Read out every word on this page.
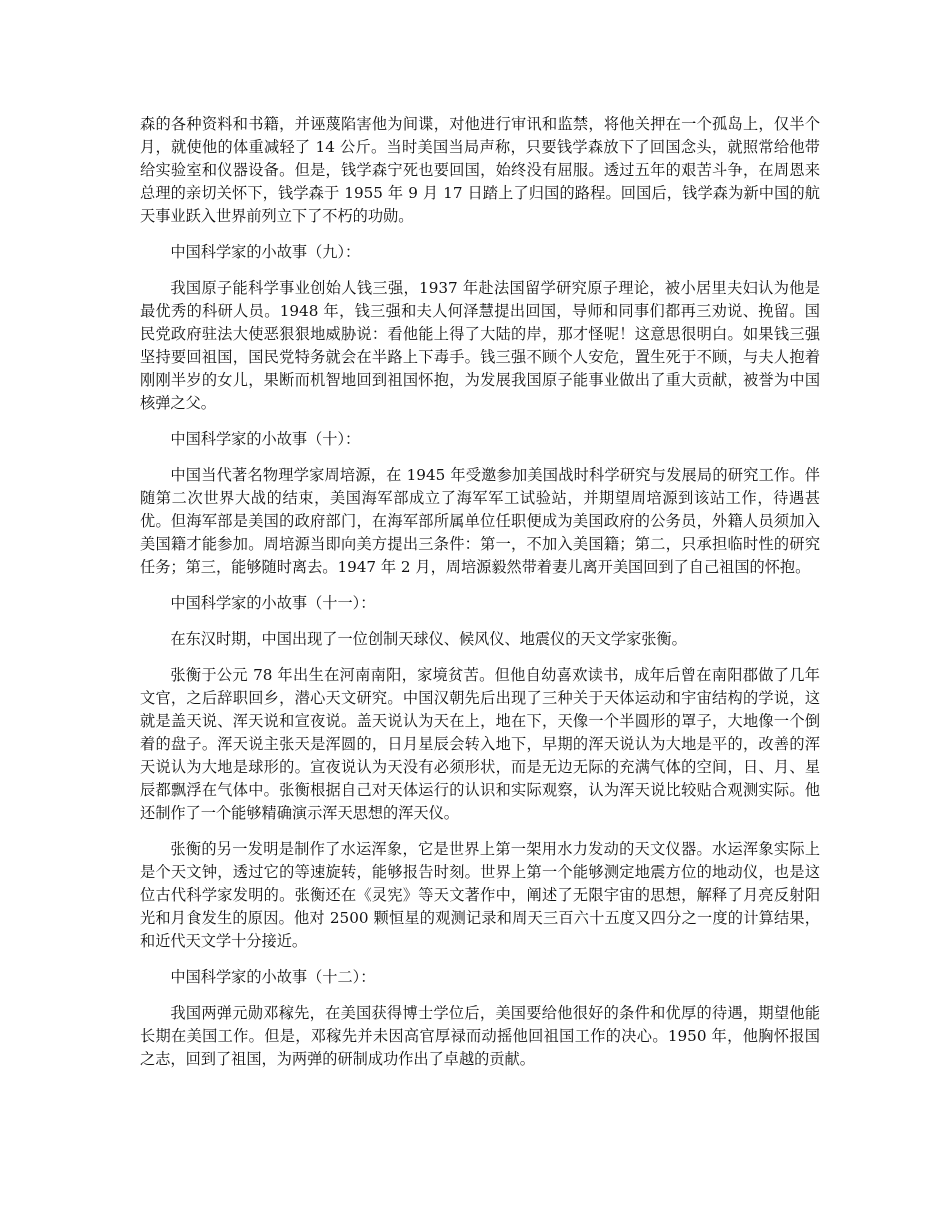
森的各种资料和书籍，并诬蔑陷害他为间谍，对他进行审讯和监禁，将他关押在一个孤岛上，仅半个月，就使他的体重减轻了 14 公斤。当时美国当局声称，只要钱学森放下了回国念头，就照常给他带给实验室和仪器设备。但是，钱学森宁死也要回国，始终没有屈服。透过五年的艰苦斗争，在周恩来总理的亲切关怀下，钱学森于 1955 年 9 月 17 日踏上了归国的路程。回国后，钱学森为新中国的航天事业跃入世界前列立下了不朽的功勋。

中国科学家的小故事（九）：

我国原子能科学事业创始人钱三强，1937 年赴法国留学研究原子理论，被小居里夫妇认为他是最优秀的科研人员。1948 年，钱三强和夫人何泽慧提出回国，导师和同事们都再三劝说、挽留。国民党政府驻法大使恶狠狠地威胁说：看他能上得了大陆的岸，那才怪呢！这意思很明白。如果钱三强坚持要回祖国，国民党特务就会在半路上下毒手。钱三强不顾个人安危，置生死于不顾，与夫人抱着刚刚半岁的女儿，果断而机智地回到祖国怀抱，为发展我国原子能事业做出了重大贡献，被誉为中国核弹之父。

中国科学家的小故事（十）：

中国当代著名物理学家周培源，在 1945 年受邀参加美国战时科学研究与发展局的研究工作。伴随第二次世界大战的结束，美国海军部成立了海军军工试验站，并期望周培源到该站工作，待遇甚优。但海军部是美国的政府部门，在海军部所属单位任职便成为美国政府的公务员，外籍人员须加入美国籍才能参加。周培源当即向美方提出三条件：第一，不加入美国籍；第二，只承担临时性的研究任务；第三，能够随时离去。1947 年 2 月，周培源毅然带着妻儿离开美国回到了自己祖国的怀抱。

中国科学家的小故事（十一）：

在东汉时期，中国出现了一位创制天球仪、候风仪、地震仪的天文学家张衡。

张衡于公元 78 年出生在河南南阳，家境贫苦。但他自幼喜欢读书，成年后曾在南阳郡做了几年文官，之后辞职回乡，潜心天文研究。中国汉朝先后出现了三种关于天体运动和宇宙结构的学说，这就是盖天说、浑天说和宣夜说。盖天说认为天在上，地在下，天像一个半圆形的罩子，大地像一个倒着的盘子。浑天说主张天是浑圆的，日月星辰会转入地下，早期的浑天说认为大地是平的，改善的浑天说认为大地是球形的。宣夜说认为天没有必须形状，而是无边无际的充满气体的空间，日、月、星辰都飘浮在气体中。张衡根据自己对天体运行的认识和实际观察，认为浑天说比较贴合观测实际。他还制作了一个能够精确演示浑天思想的浑天仪。

张衡的另一发明是制作了水运浑象，它是世界上第一架用水力发动的天文仪器。水运浑象实际上是个天文钟，透过它的等速旋转，能够报告时刻。世界上第一个能够测定地震方位的地动仪，也是这位古代科学家发明的。张衡还在《灵宪》等天文著作中，阐述了无限宇宙的思想，解释了月亮反射阳光和月食发生的原因。他对 2500 颗恒星的观测记录和周天三百六十五度又四分之一度的计算结果，和近代天文学十分接近。

中国科学家的小故事（十二）：

我国两弹元勋邓稼先，在美国获得博士学位后，美国要给他很好的条件和优厚的待遇，期望他能长期在美国工作。但是，邓稼先并未因高官厚禄而动摇他回祖国工作的决心。1950 年，他胸怀报国之志，回到了祖国，为两弹的研制成功作出了卓越的贡献。
